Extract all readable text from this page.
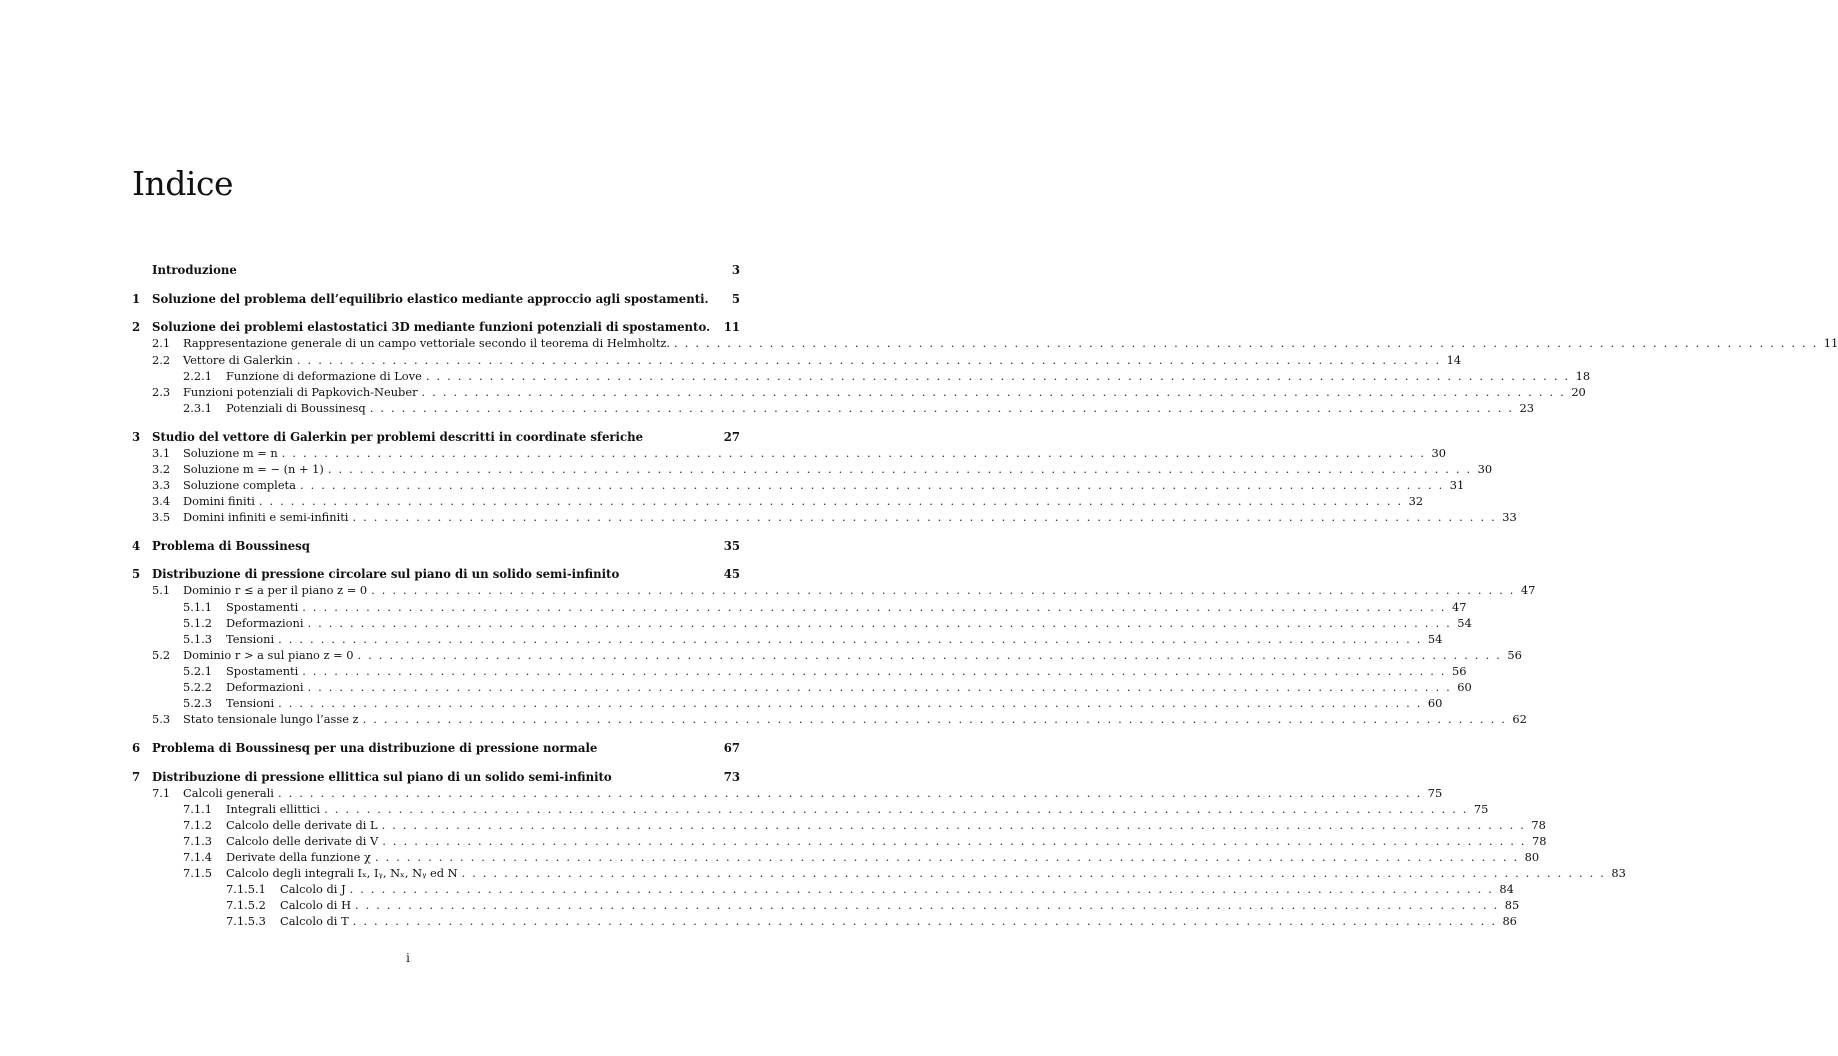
Indice
Introduzione	3
1	Soluzione del problema dell’equilibrio elastico mediante approccio agli spostamenti.	5
2	Soluzione dei problemi elastostatici 3D mediante funzioni potenziali di spostamento. 11
2.1	Rappresentazione generale di un campo vettoriale secondo il teorema di Helmholtz. . . .	11
2.2	Vettore di Galerkin . . .	14
2.2.1	Funzione di deformazione di Love . . .	18
2.3	Funzioni potenziali di Papkovich-Neuber . . .	20
2.3.1	Potenziali di Boussinesq . . .	23
3	Studio del vettore di Galerkin per problemi descritti in coordinate sferiche	27
3.1	Soluzione m = n . . .	30
3.2	Soluzione m = − (n + 1) . . .	30
3.3	Soluzione completa . . .	31
3.4	Domini finiti . . .	32
3.5	Domini infiniti e semi-infiniti . . .	33
4	Problema di Boussinesq	35
5	Distribuzione di pressione circolare sul piano di un solido semi-infinito	45
5.1	Dominio r ≤ a per il piano z = 0 . . .	47
5.1.1	Spostamenti . . .	47
5.1.2	Deformazioni . . .	54
5.1.3	Tensioni . . .	54
5.2	Dominio r > a sul piano z = 0 . . .	56
5.2.1	Spostamenti . . .	56
5.2.2	Deformazioni . . .	60
5.2.3	Tensioni . . .	60
5.3	Stato tensionale lungo l’asse z . . .	62
6	Problema di Boussinesq per una distribuzione di pressione normale	67
7	Distribuzione di pressione ellittica sul piano di un solido semi-infinito	73
7.1	Calcoli generali . . .	75
7.1.1	Integrali ellittici . . .	75
7.1.2	Calcolo delle derivate di L . . .	78
7.1.3	Calcolo delle derivate di V . . .	78
7.1.4	Derivate della funzione χ . . .	80
7.1.5	Calcolo degli integrali Iₓ, Iᵧ, Nₓ, Nᵧ ed N . . .	83
7.1.5.1	Calcolo di J . . .	84
7.1.5.2	Calcolo di H . . .	85
7.1.5.3	Calcolo di T . . .	86
i
